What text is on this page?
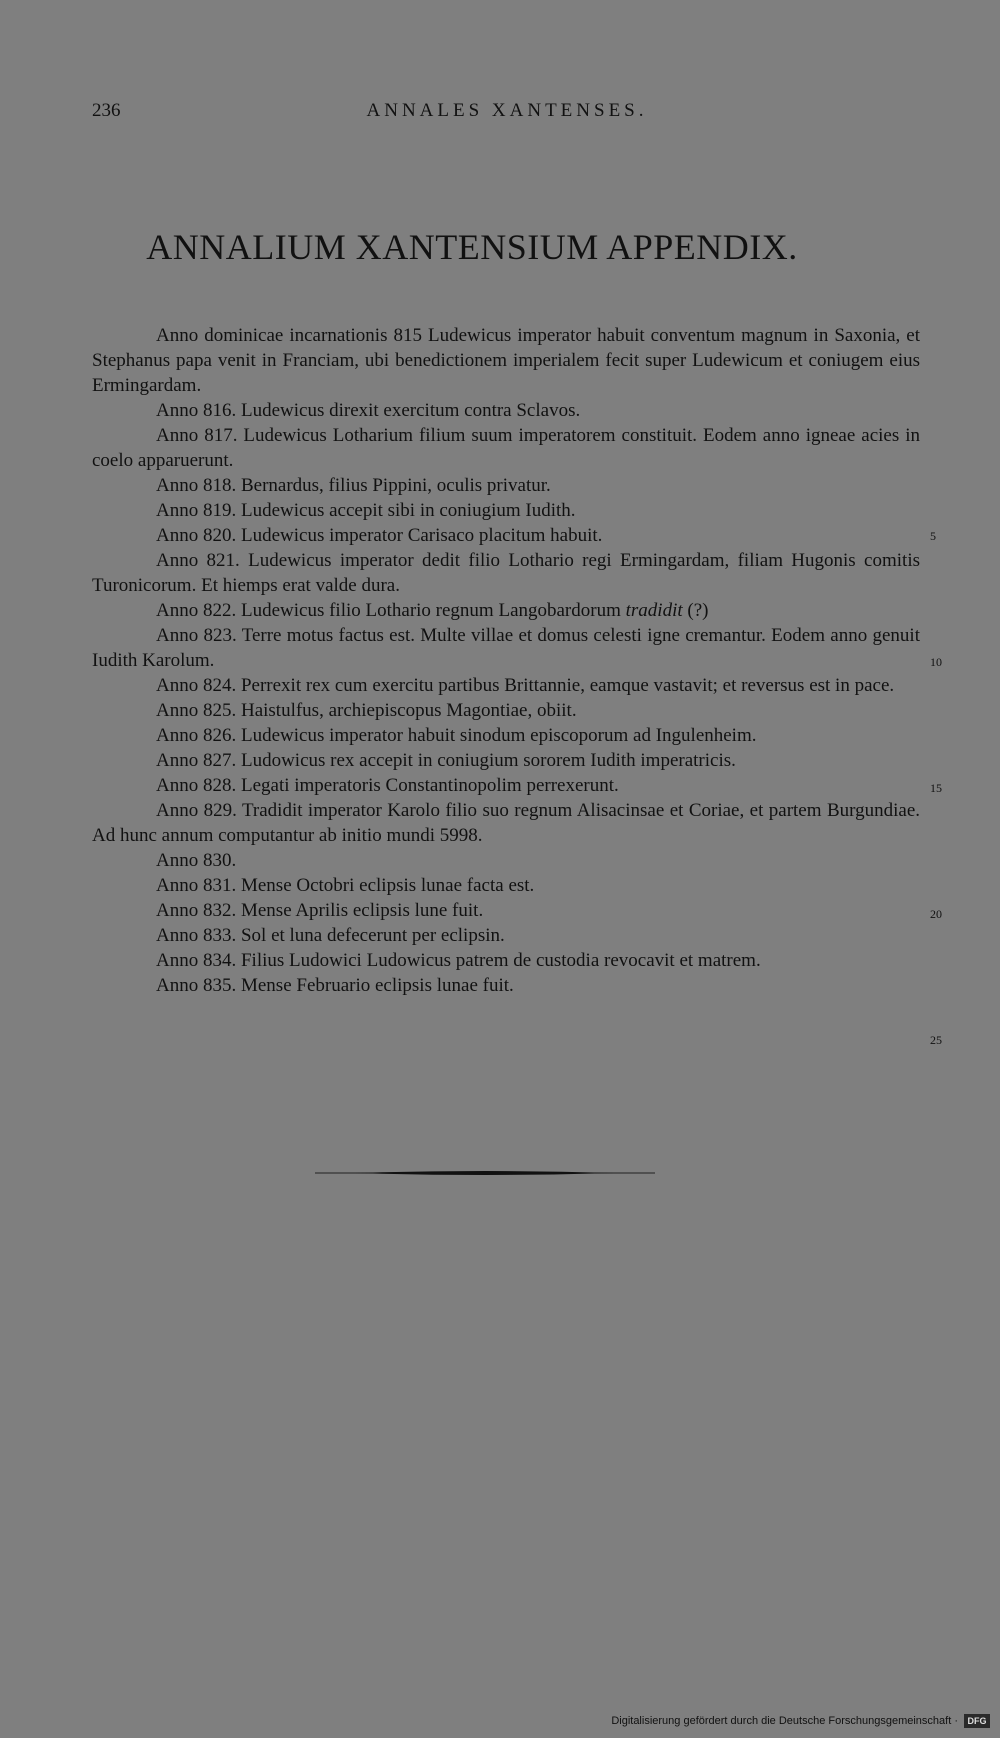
236	ANNALES XANTENSES.
ANNALIUM XANTENSIUM APPENDIX.

Anno dominicae incarnationis 815 Ludewicus imperator habuit conventum magnum in Saxonia, et Stephanus papa venit in Franciam, ubi benedictionem imperialem fecit super Ludewicum et coniugem eius Ermingardam.

Anno 816. Ludewicus direxit exercitum contra Sclavos.

Anno 817. Ludewicus Lotharium filium suum imperatorem constituit. Eodem anno igneae acies in coelo apparuerunt.

Anno 818. Bernardus, filius Pippini, oculis privatur.

Anno 819. Ludewicus accepit sibi in coniugium Iudith.

Anno 820. Ludewicus imperator Carisaco placitum habuit.

Anno 821. Ludewicus imperator dedit filio Lothario regi Ermingardam, filiam Hugonis comitis Turonicorum. Et hiemps erat valde dura.

Anno 822. Ludewicus filio Lothario regnum Langobardorum tradidit (?)

Anno 823. Terre motus factus est. Multe villae et domus celesti igne cremantur. Eodem anno genuit Iudith Karolum.

Anno 824. Perrexit rex cum exercitu partibus Brittannie, eamque vastavit; et reversus est in pace.

Anno 825. Haistulfus, archiepiscopus Magontiae, obiit.

Anno 826. Ludewicus imperator habuit sinodum episcoporum ad Ingulenheim.

Anno 827. Ludowicus rex accepit in coniugium sororem Iudith imperatricis.

Anno 828. Legati imperatoris Constantinopolim perrexerunt.

Anno 829. Tradidit imperator Karolo filio suo regnum Alisacinsae et Coriae, et partem Burgundiae. Ad hunc annum computantur ab initio mundi 5998.

Anno 830.

Anno 831. Mense Octobri eclipsis lunae facta est.

Anno 832. Mense Aprilis eclipsis lune fuit.

Anno 833. Sol et luna defecerunt per eclipsin.

Anno 834. Filius Ludowici Ludowicus patrem de custodia revocavit et matrem.

Anno 835. Mense Februario eclipsis lunae fuit.

5
10
15
20
25
Digitalisierung gefördert durch die Deutsche Forschungsgemeinschaft ·	DFG
